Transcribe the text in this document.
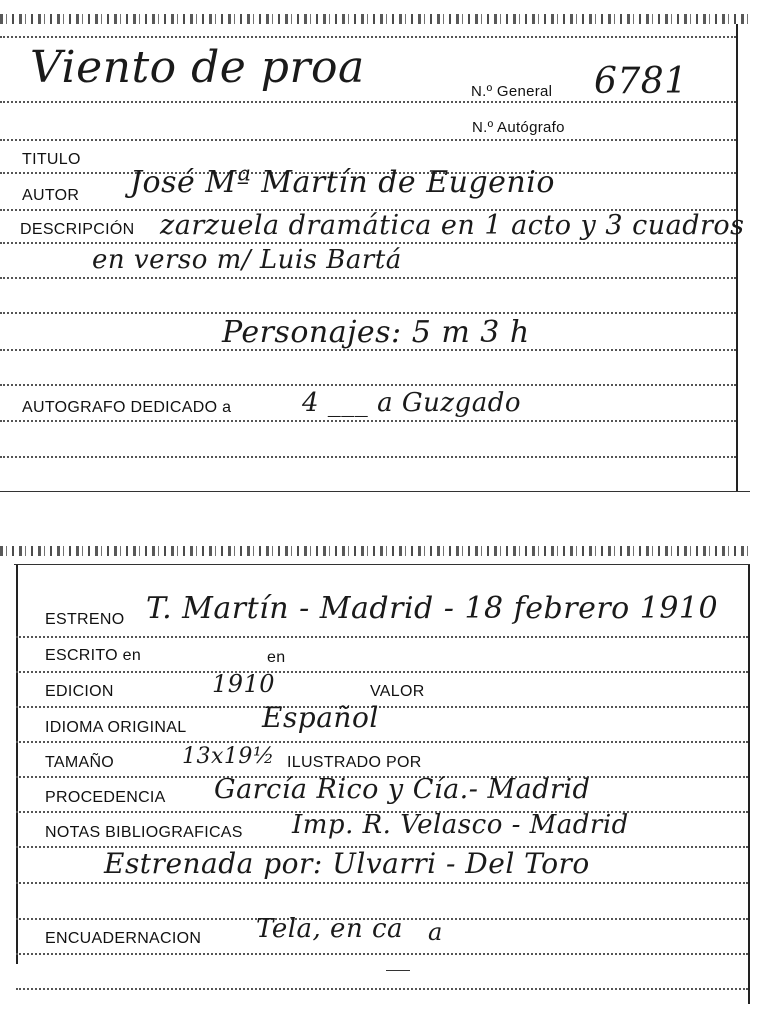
Viento de proa	N.º General 6781
N.º Autógrafo
TITULO
AUTOR José Mª Martín de Eugenio
DESCRIPCIÓN zarzuela dramática en 1 acto y 3 cuadros
en verso m/ Luis Bartá
Personajes: 5 m 3 h
AUTOGRAFO DEDICADO a	4 ___ a Guzgado
ESTRENO T. Martín - Madrid - 18 febrero 1910
ESCRITO en	en
EDICION	1910	VALOR
IDIOMA ORIGINAL	Español
TAMAÑO	13x19½ ILUSTRADO POR
PROCEDENCIA García Rico y Cía.- Madrid
NOTAS BIBLIOGRAFICAS Imp. R. Velasco - Madrid
Estrenada por: Ulvarri - Del Toro
ENCUADERNACION Tela, en ca a
